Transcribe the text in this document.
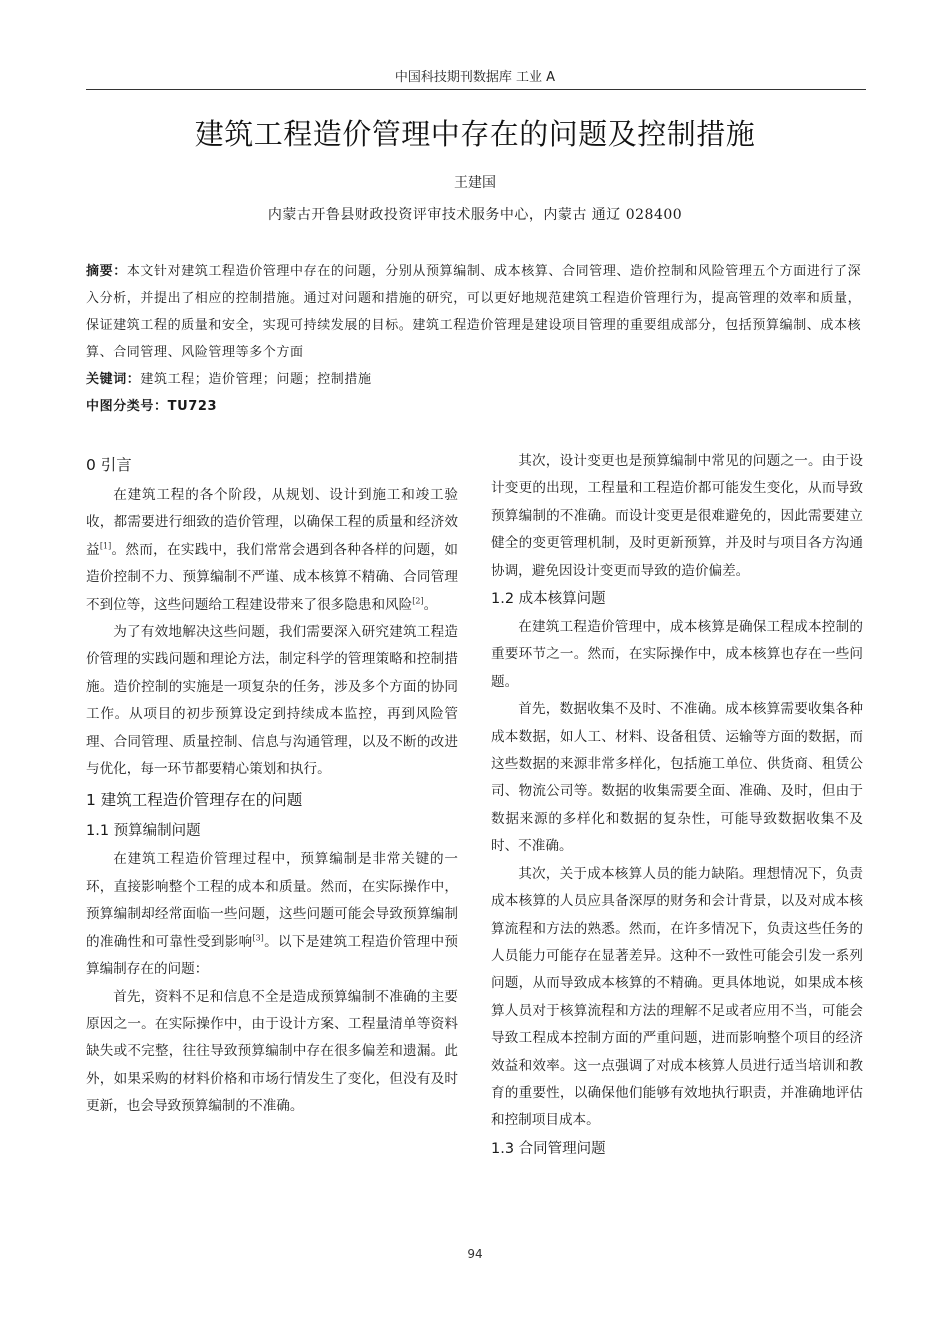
中国科技期刊数据库 工业 A
建筑工程造价管理中存在的问题及控制措施
王建国
内蒙古开鲁县财政投资评审技术服务中心，内蒙古 通辽 028400

摘要：本文针对建筑工程造价管理中存在的问题，分别从预算编制、成本核算、合同管理、造价控制和风险管理五个方面进行了深入分析，并提出了相应的控制措施。通过对问题和措施的研究，可以更好地规范建筑工程造价管理行为，提高管理的效率和质量，保证建筑工程的质量和安全，实现可持续发展的目标。建筑工程造价管理是建设项目管理的重要组成部分，包括预算编制、成本核算、合同管理、风险管理等多个方面

关键词：建筑工程；造价管理；问题；控制措施

中图分类号：TU723

0 引言

在建筑工程的各个阶段，从规划、设计到施工和竣工验收，都需要进行细致的造价管理，以确保工程的质量和经济效益[1]。然而，在实践中，我们常常会遇到各种各样的问题，如造价控制不力、预算编制不严谨、成本核算不精确、合同管理不到位等，这些问题给工程建设带来了很多隐患和风险[2]。

为了有效地解决这些问题，我们需要深入研究建筑工程造价管理的实践问题和理论方法，制定科学的管理策略和控制措施。造价控制的实施是一项复杂的任务，涉及多个方面的协同工作。从项目的初步预算设定到持续成本监控，再到风险管理、合同管理、质量控制、信息与沟通管理，以及不断的改进与优化，每一环节都要精心策划和执行。

1 建筑工程造价管理存在的问题
1.1 预算编制问题

在建筑工程造价管理过程中，预算编制是非常关键的一环，直接影响整个工程的成本和质量。然而，在实际操作中，预算编制却经常面临一些问题，这些问题可能会导致预算编制的准确性和可靠性受到影响[3]。以下是建筑工程造价管理中预算编制存在的问题：

首先，资料不足和信息不全是造成预算编制不准确的主要原因之一。在实际操作中，由于设计方案、工程量清单等资料缺失或不完整，往往导致预算编制中存在很多偏差和遗漏。此外，如果采购的材料价格和市场行情发生了变化，但没有及时更新，也会导致预算编制的不准确。

其次，设计变更也是预算编制中常见的问题之一。由于设计变更的出现，工程量和工程造价都可能发生变化，从而导致预算编制的不准确。而设计变更是很难避免的，因此需要建立健全的变更管理机制，及时更新预算，并及时与项目各方沟通协调，避免因设计变更而导致的造价偏差。

1.2 成本核算问题

在建筑工程造价管理中，成本核算是确保工程成本控制的重要环节之一。然而，在实际操作中，成本核算也存在一些问题。

首先，数据收集不及时、不准确。成本核算需要收集各种成本数据，如人工、材料、设备租赁、运输等方面的数据，而这些数据的来源非常多样化，包括施工单位、供货商、租赁公司、物流公司等。数据的收集需要全面、准确、及时，但由于数据来源的多样化和数据的复杂性，可能导致数据收集不及时、不准确。

其次，关于成本核算人员的能力缺陷。理想情况下，负责成本核算的人员应具备深厚的财务和会计背景，以及对成本核算流程和方法的熟悉。然而，在许多情况下，负责这些任务的人员能力可能存在显著差异。这种不一致性可能会引发一系列问题，从而导致成本核算的不精确。更具体地说，如果成本核算人员对于核算流程和方法的理解不足或者应用不当，可能会导致工程成本控制方面的严重问题，进而影响整个项目的经济效益和效率。这一点强调了对成本核算人员进行适当培训和教育的重要性，以确保他们能够有效地执行职责，并准确地评估和控制项目成本。

1.3 合同管理问题
94
